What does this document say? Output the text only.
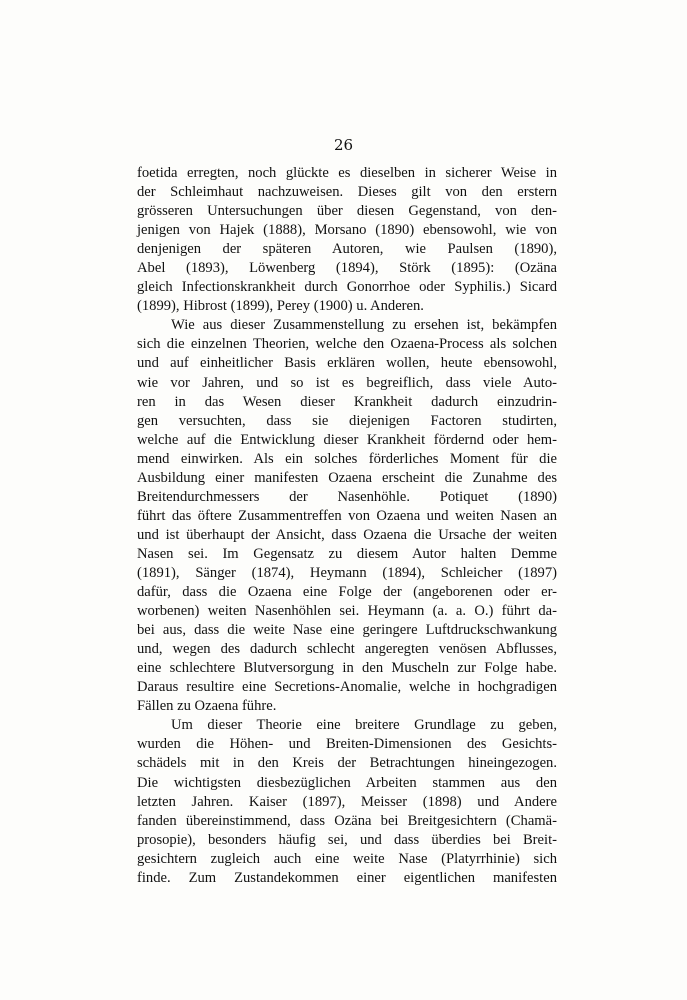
26
foetida erregten, noch glückte es dieselben in sicherer Weise in
der Schleimhaut nachzuweisen. Dieses gilt von den erstern
grösseren Untersuchungen über diesen Gegenstand, von den-
jenigen von Hajek (1888), Morsano (1890) ebensowohl, wie von
denjenigen der späteren Autoren, wie Paulsen (1890),
Abel (1893), Löwenberg (1894), Störk (1895): (Ozäna
gleich Infectionskrankheit durch Gonorrhoe oder Syphilis.) Sicard
(1899), Hibrost (1899), Perey (1900) u. Anderen.
Wie aus dieser Zusammenstellung zu ersehen ist, bekämpfen
sich die einzelnen Theorien, welche den Ozaena-Process als solchen
und auf einheitlicher Basis erklären wollen, heute ebensowohl,
wie vor Jahren, und so ist es begreiflich, dass viele Auto-
ren in das Wesen dieser Krankheit dadurch einzudrin-
gen versuchten, dass sie diejenigen Factoren studirten,
welche auf die Entwicklung dieser Krankheit fördernd oder hem-
mend einwirken. Als ein solches förderliches Moment für die
Ausbildung einer manifesten Ozaena erscheint die Zunahme des
Breitendurchmessers der Nasenhöhle. Potiquet (1890)
führt das öftere Zusammentreffen von Ozaena und weiten Nasen an
und ist überhaupt der Ansicht, dass Ozaena die Ursache der weiten
Nasen sei. Im Gegensatz zu diesem Autor halten Demme
(1891), Sänger (1874), Heymann (1894), Schleicher (1897)
dafür, dass die Ozaena eine Folge der (angeborenen oder er-
worbenen) weiten Nasenhöhlen sei. Heymann (a. a. O.) führt da-
bei aus, dass die weite Nase eine geringere Luftdruckschwankung
und, wegen des dadurch schlecht angeregten venösen Abflusses,
eine schlechtere Blutversorgung in den Muscheln zur Folge habe.
Daraus resultire eine Secretions-Anomalie, welche in hochgradigen
Fällen zu Ozaena führe.
Um dieser Theorie eine breitere Grundlage zu geben,
wurden die Höhen- und Breiten-Dimensionen des Gesichts-
schädels mit in den Kreis der Betrachtungen hineingezogen.
Die wichtigsten diesbezüglichen Arbeiten stammen aus den
letzten Jahren. Kaiser (1897), Meisser (1898) und Andere
fanden übereinstimmend, dass Ozäna bei Breitgesichtern (Chamä-
prosopie), besonders häufig sei, und dass überdies bei Breit-
gesichtern zugleich auch eine weite Nase (Platyrrhinie) sich
finde. Zum Zustandekommen einer eigentlichen manifesten
